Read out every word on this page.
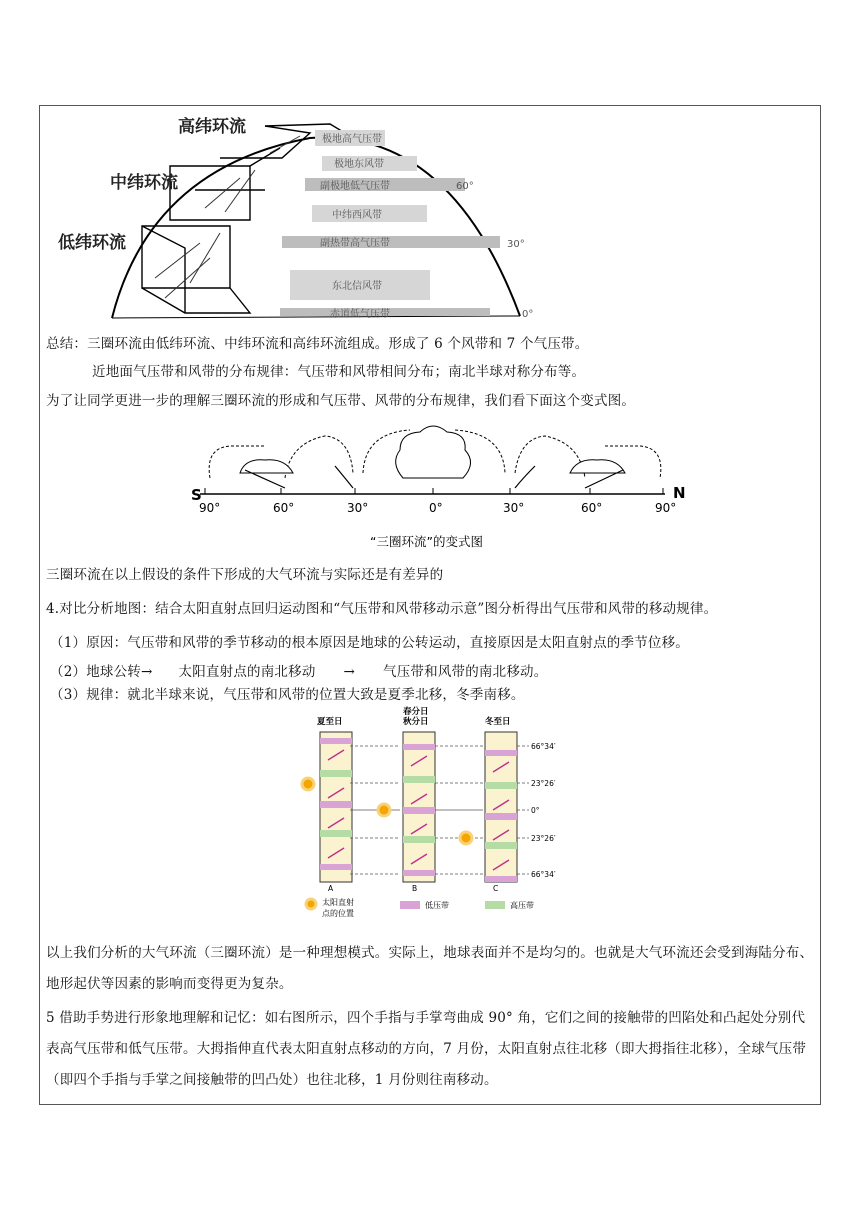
极地高气压带
极地东风带
副极地低气压带
中纬西风带
副热带高气压带
东北信风带
赤道低气压带
60°
30°
0°
高纬环流
中纬环流
低纬环流
总结：三圈环流由低纬环流、中纬环流和高纬环流组成。形成了 6 个风带和 7 个气压带。
近地面气压带和风带的分布规律：气压带和风带相间分布；南北半球对称分布等。
为了让同学更进一步的理解三圈环流的形成和气压带、风带的分布规律，我们看下面这个变式图。
S	N
90°	60°	30°	0°	30°	60°	90°
“三圈环流”的变式图
三圈环流在以上假设的条件下形成的大气环流与实际还是有差异的
4.对比分析地图：结合太阳直射点回归运动图和“气压带和风带移动示意”图分析得出气压带和风带的移动规律。
（1）原因：气压带和风带的季节移动的根本原因是地球的公转运动，直接原因是太阳直射点的季节位移。
（2）地球公转→ 太阳直射点的南北移动 → 气压带和风带的南北移动。
（3）规律：就北半球来说，气压带和风带的位置大致是夏季北移，冬季南移。
夏至日
春分日
秋分日	冬至日
66°34′
23°26′
0°
23°26′
66°34′
A	B	C
太阳直射
点的位置
低压带	高压带
以上我们分析的大气环流（三圈环流）是一种理想模式。实际上，地球表面并不是均匀的。也就是大气环流还会受到海陆分布、地形起伏等因素的影响而变得更为复杂。
5 借助手势进行形象地理解和记忆：如右图所示，四个手指与手掌弯曲成 90° 角，它们之间的接触带的凹陷处和凸起处分别代表高气压带和低气压带。大拇指伸直代表太阳直射点移动的方向，7 月份，太阳直射点往北移（即大拇指往北移），全球气压带（即四个手指与手掌之间接触带的凹凸处）也往北移，1 月份则往南移动。
